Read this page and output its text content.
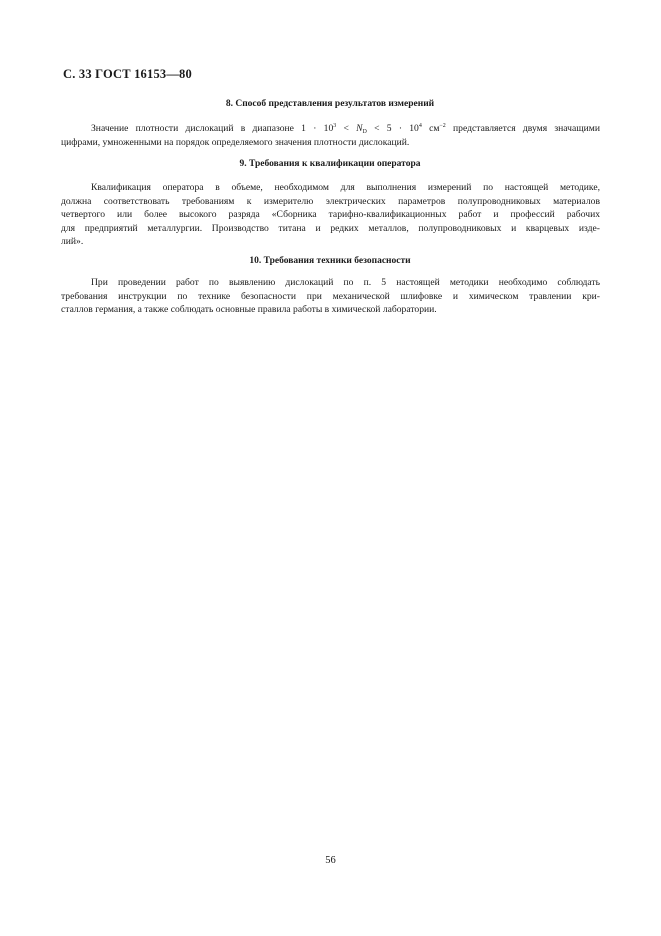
С. 33 ГОСТ 16153—80
8. Способ представления результатов измерений
Значение плотности дислокаций в диапазоне $1 \cdot 10^3 < N_D < 5 \cdot 10^4$ $см^{-2}$ представляется двумя значащими
цифрами, умноженными на порядок определяемого значения плотности дислокаций.
9. Требования к квалификации оператора
Квалификация оператора в объеме, необходимом для выполнения измерений по настоящей методике,
должна соответствовать требованиям к измерителю электрических параметров полупроводниковых материалов
четвертого или более высокого разряда «Сборника тарифно-квалификационных работ и профессий рабочих
для предприятий металлургии. Производство титана и редких металлов, полупроводниковых и кварцевых изде-
лий».
10. Требования техники безопасности
При проведении работ по выявлению дислокаций по п. 5 настоящей методики необходимо соблюдать
требования инструкции по технике безопасности при механической шлифовке и химическом травлении кри-
сталлов германия, а также соблюдать основные правила работы в химической лаборатории.
56
